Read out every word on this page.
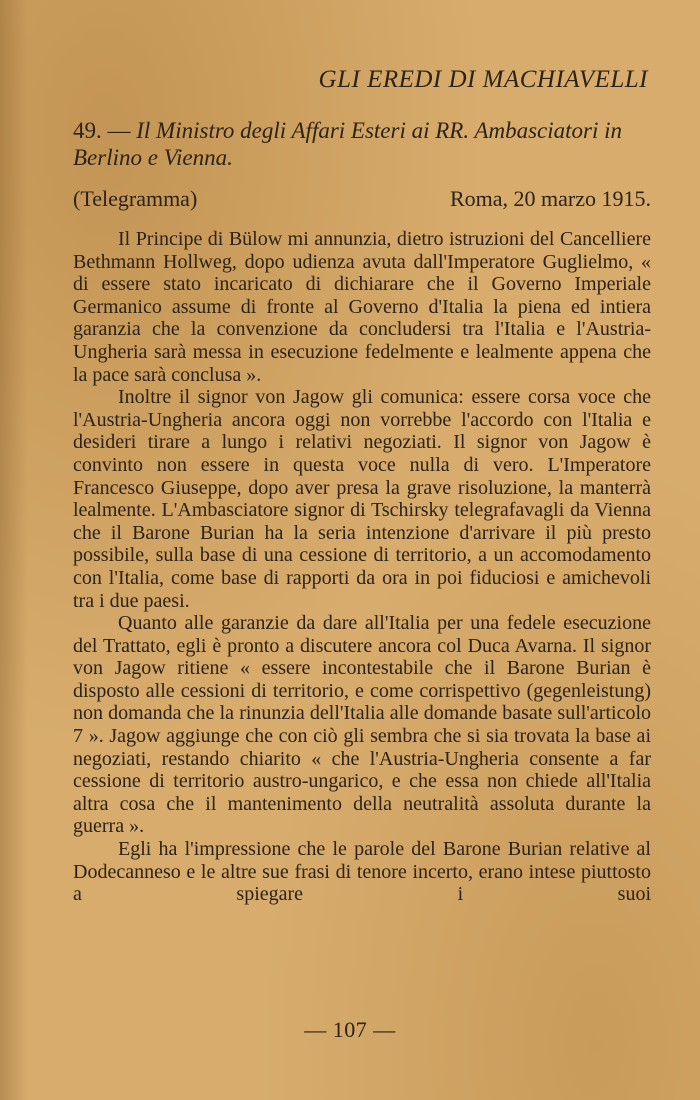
GLI EREDI DI MACHIAVELLI
49. — Il Ministro degli Affari Esteri ai RR. Ambasciatori in Berlino e Vienna.
(Telegramma)	Roma, 20 marzo 1915.

Il Principe di Bülow mi annunzia, dietro istruzioni del Cancelliere Bethmann Hollweg, dopo udienza avuta dall'Imperatore Guglielmo, « di essere stato incaricato di dichiarare che il Governo Imperiale Germanico assume di fronte al Governo d'Italia la piena ed intiera garanzia che la convenzione da concludersi tra l'Italia e l'Austria-Ungheria sarà messa in esecuzione fedelmente e lealmente appena che la pace sarà conclusa ».

Inoltre il signor von Jagow gli comunica: essere corsa voce che l'Austria-Ungheria ancora oggi non vorrebbe l'accordo con l'Italia e desideri tirare a lungo i relativi negoziati. Il signor von Jagow è convinto non essere in questa voce nulla di vero. L'Imperatore Francesco Giuseppe, dopo aver presa la grave risoluzione, la manterrà lealmente. L'Ambasciatore signor di Tschirsky telegrafavagli da Vienna che il Barone Burian ha la seria intenzione d'arrivare il più presto possibile, sulla base di una cessione di territorio, a un accomodamento con l'Italia, come base di rapporti da ora in poi fiduciosi e amichevoli tra i due paesi.

Quanto alle garanzie da dare all'Italia per una fedele esecuzione del Trattato, egli è pronto a discutere ancora col Duca Avarna. Il signor von Jagow ritiene « essere incontestabile che il Barone Burian è disposto alle cessioni di territorio, e come corrispettivo (gegenleistung) non domanda che la rinunzia dell'Italia alle domande basate sull'articolo 7 ». Jagow aggiunge che con ciò gli sembra che si sia trovata la base ai negoziati, restando chiarito « che l'Austria-Ungheria consente a far cessione di territorio austro-ungarico, e che essa non chiede all'Italia altra cosa che il mantenimento della neutralità assoluta durante la guerra ».

Egli ha l'impressione che le parole del Barone Burian relative al Dodecanneso e le altre sue frasi di tenore incerto, erano intese piuttosto a spiegare i suoi

— 107 —
